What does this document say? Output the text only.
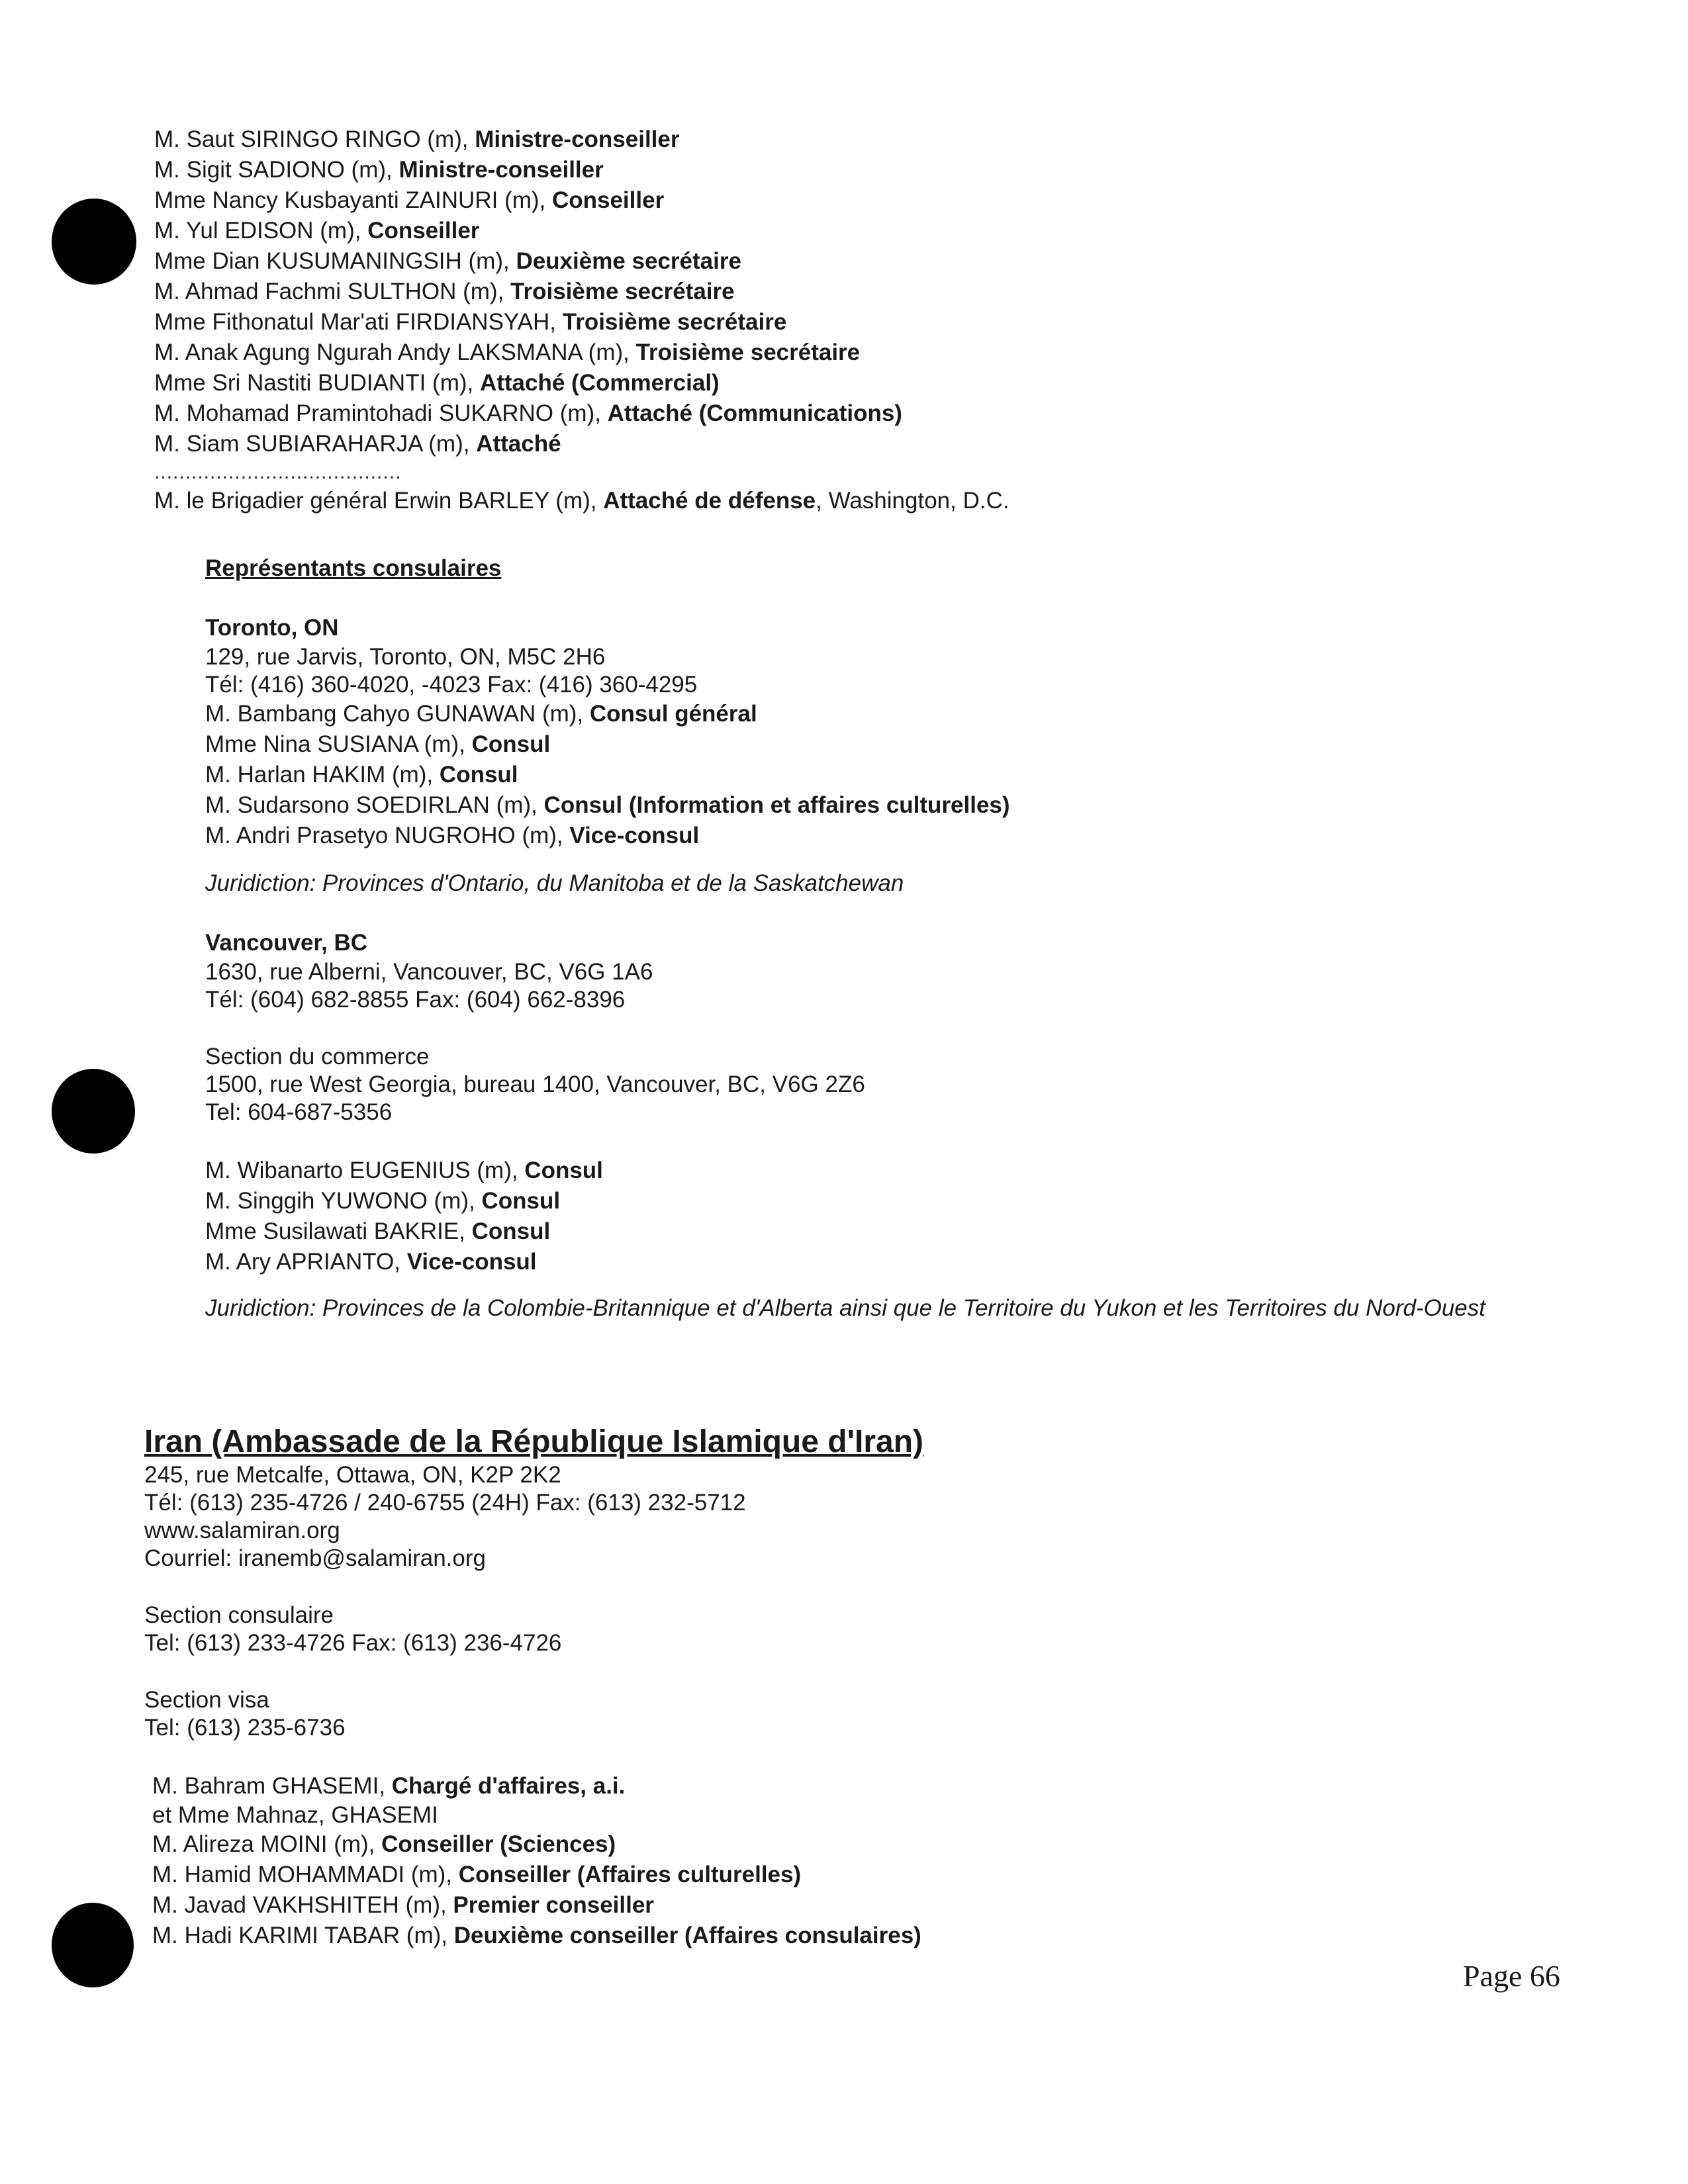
M. Saut SIRINGO RINGO (m), Ministre-conseiller
M. Sigit SADIONO (m), Ministre-conseiller
Mme Nancy Kusbayanti ZAINURI (m), Conseiller
M. Yul EDISON (m), Conseiller
Mme Dian KUSUMANINGSIH (m), Deuxième secrétaire
M. Ahmad Fachmi SULTHON (m), Troisième secrétaire
Mme Fithonatul Mar'ati FIRDIANSYAH, Troisième secrétaire
M. Anak Agung Ngurah Andy LAKSMANA (m), Troisième secrétaire
Mme Sri Nastiti BUDIANTI (m), Attaché (Commercial)
M. Mohamad Pramintohadi SUKARNO (m), Attaché (Communications)
M. Siam SUBIARAHARJA (m), Attaché
........................................
M. le Brigadier général Erwin BARLEY (m), Attaché de défense, Washington, D.C.
Représentants consulaires
Toronto, ON
129, rue Jarvis, Toronto, ON, M5C 2H6
Tél: (416) 360-4020, -4023 Fax: (416) 360-4295
M. Bambang Cahyo GUNAWAN (m), Consul général
Mme Nina SUSIANA (m), Consul
M. Harlan HAKIM (m), Consul
M. Sudarsono SOEDIRLAN (m), Consul (Information et affaires culturelles)
M. Andri Prasetyo NUGROHO (m), Vice-consul
Juridiction: Provinces d'Ontario, du Manitoba et de la Saskatchewan
Vancouver, BC
1630, rue Alberni, Vancouver, BC, V6G 1A6
Tél: (604) 682-8855 Fax: (604) 662-8396
Section du commerce
1500, rue West Georgia, bureau 1400, Vancouver, BC, V6G 2Z6
Tel: 604-687-5356
M. Wibanarto EUGENIUS (m), Consul
M. Singgih YUWONO (m), Consul
Mme Susilawati BAKRIE, Consul
M. Ary APRIANTO, Vice-consul
Juridiction: Provinces de la Colombie-Britannique et d'Alberta ainsi que le Territoire du Yukon et les Territoires du Nord-Ouest
Iran (Ambassade de la République Islamique d'Iran)
245, rue Metcalfe, Ottawa, ON, K2P 2K2
Tél: (613) 235-4726 / 240-6755 (24H) Fax: (613) 232-5712
www.salamiran.org
Courriel: iranemb@salamiran.org
Section consulaire
Tel: (613) 233-4726 Fax: (613) 236-4726
Section visa
Tel: (613) 235-6736
M. Bahram GHASEMI, Chargé d'affaires, a.i.
et Mme Mahnaz, GHASEMI
M. Alireza MOINI (m), Conseiller (Sciences)
M. Hamid MOHAMMADI (m), Conseiller (Affaires culturelles)
M. Javad VAKHSHITEH (m), Premier conseiller
M. Hadi KARIMI TABAR (m), Deuxième conseiller (Affaires consulaires)
Page 66
